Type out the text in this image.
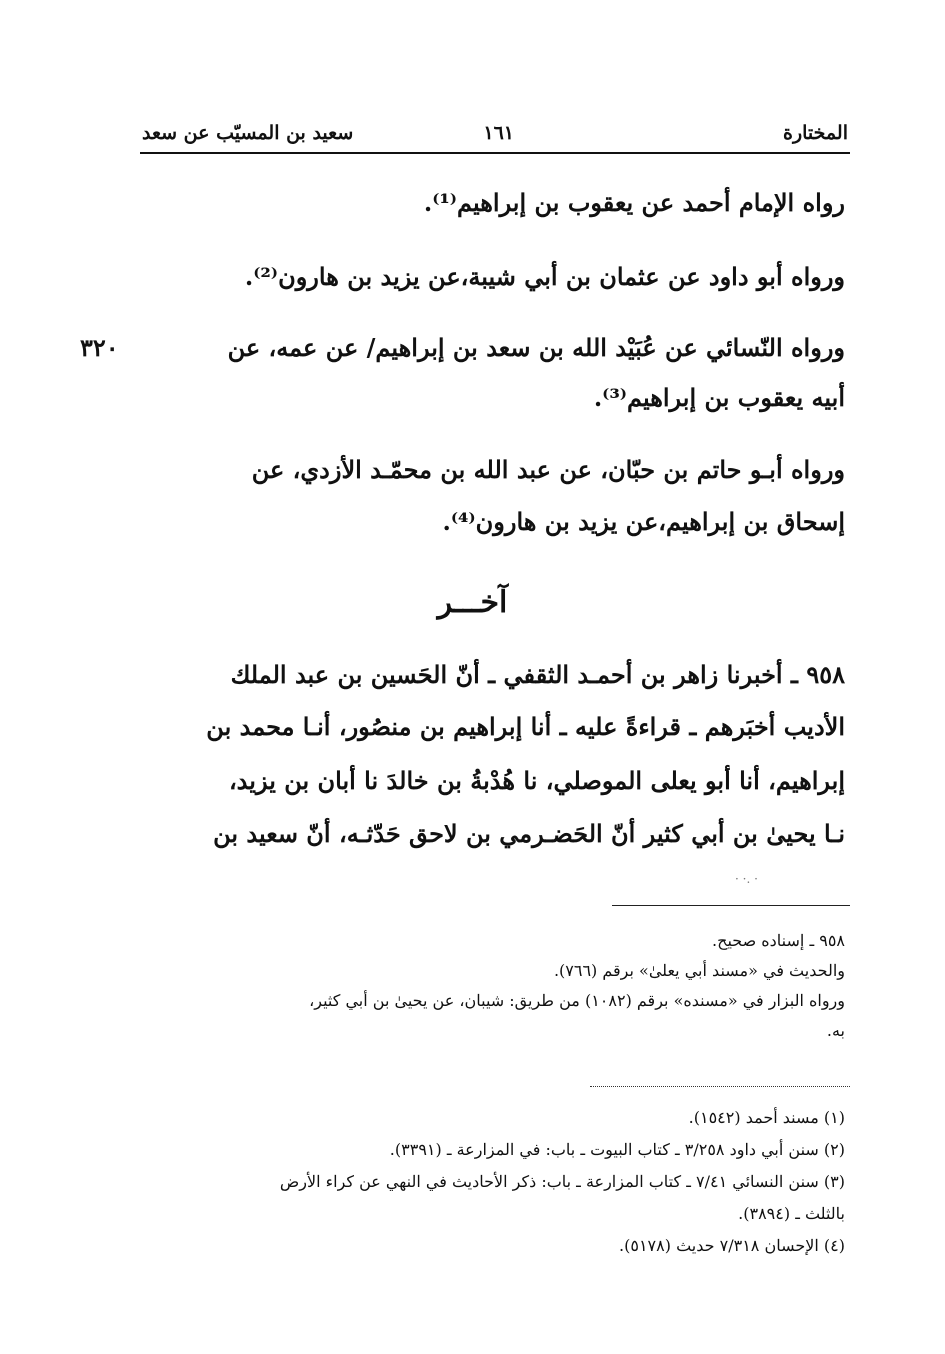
المختارة
١٦١
سعيد بن المسيّب عن سعد
رواه الإمام أحمد عن يعقوب بن إبراهيم⁽¹⁾.
ورواه أبو داود عن عثمان بن أبي شيبة،عن يزيد بن هارون⁽²⁾.
ورواه النّسائي عن عُبَيْد الله بن سعد بن إبراهيم/ عن عمه، عن
٣٢٠
أبيه يعقوب بن إبراهيم⁽³⁾.
ورواه أبـو حاتم بن حبّان، عن عبد الله بن محمّـد الأزدي، عن
إسحاق بن إبراهيم،عن يزيد بن هارون⁽⁴⁾.
آخـــر
٩٥٨ ـ أخبرنا زاهر بن أحمـد الثقفي ـ أنّ الحَسين بن عبد الملك
الأديب أخبَرهم ـ قراءةً عليه ـ أنا إبراهيم بن منصُور، أنـا محمد بن
إبراهيم، أنا أبو يعلى الموصلي، نا هُدْبةُ بن خالدَ نا أبان بن يزيد،
نـا يحيىٰ بن أبي كثير أنّ الحَضـرمي بن لاحق حَدّثـه، أنّ سعيد بن
· ·. ·
٩٥٨ ـ إسناده صحيح.
والحديث في «مسند أبي يعلىٰ» برقم (٧٦٦).
ورواه البزار في «مسنده» برقم (١٠٨٢) من طريق: شيبان، عن يحيىٰ بن أبي كثير،
به.
(١) مسند أحمد (١٥٤٢).
(٢) سنن أبي داود ٣/٢٥٨ ـ كتاب البيوت ـ باب: في المزارعة ـ (٣٣٩١).
(٣) سنن النسائي ٧/٤١ ـ كتاب المزارعة ـ باب: ذكر الأحاديث في النهي عن كراء الأرض
بالثلث ـ (٣٨٩٤).
(٤) الإحسان ٧/٣١٨ حديث (٥١٧٨).
